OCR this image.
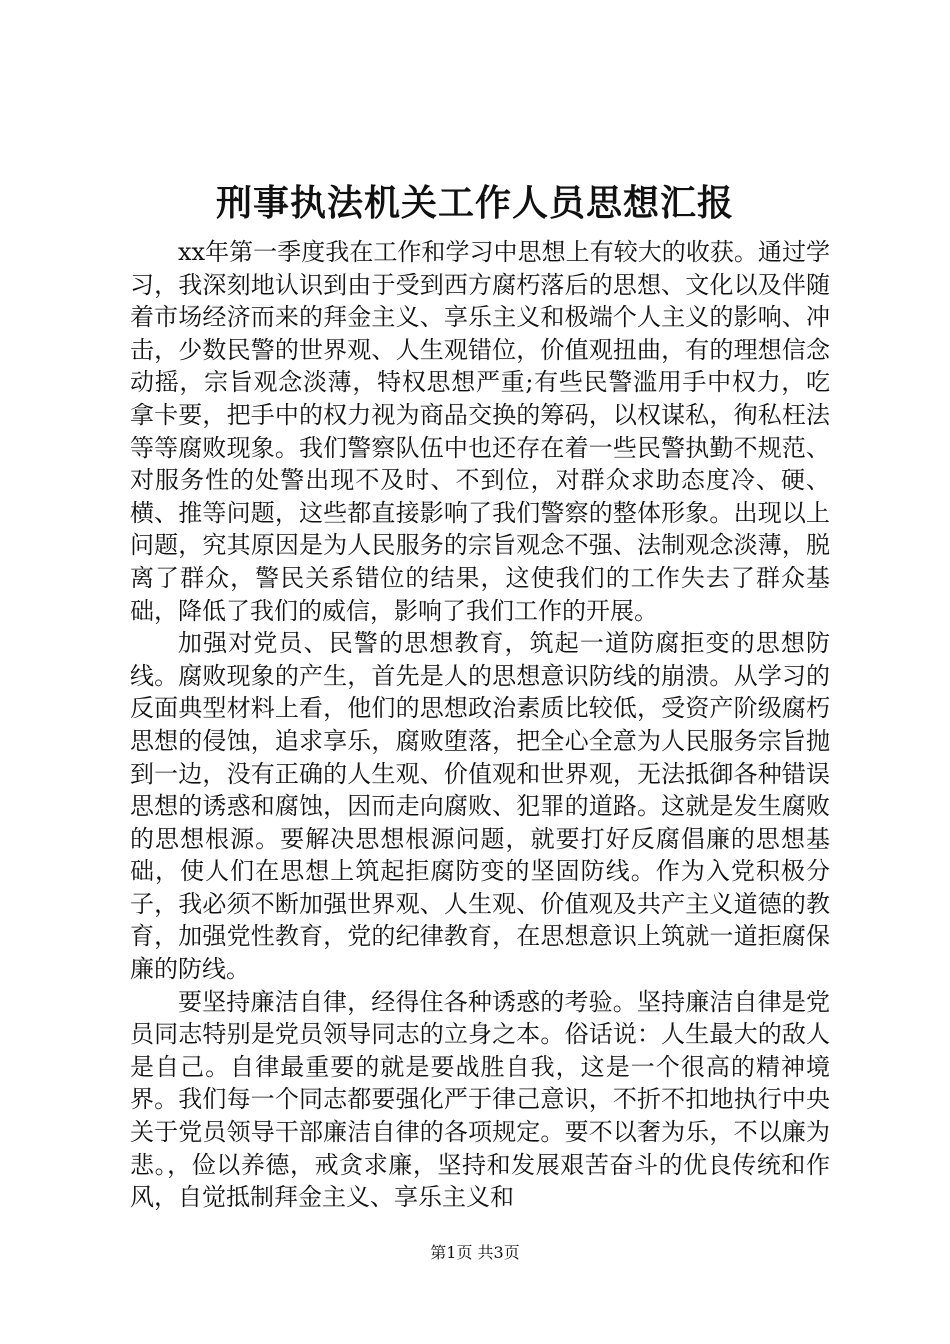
刑事执法机关工作人员思想汇报

xx年第一季度我在工作和学习中思想上有较大的收获。通过学习，我深刻地认识到由于受到西方腐朽落后的思想、文化以及伴随着市场经济而来的拜金主义、享乐主义和极端个人主义的影响、冲击，少数民警的世界观、人生观错位，价值观扭曲，有的理想信念动摇，宗旨观念淡薄，特权思想严重;有些民警滥用手中权力，吃拿卡要，把手中的权力视为商品交换的筹码，以权谋私，徇私枉法等等腐败现象。我们警察队伍中也还存在着一些民警执勤不规范、对服务性的处警出现不及时、不到位，对群众求助态度冷、硬、横、推等问题，这些都直接影响了我们警察的整体形象。出现以上问题，究其原因是为人民服务的宗旨观念不强、法制观念淡薄，脱离了群众，警民关系错位的结果，这使我们的工作失去了群众基础，降低了我们的威信，影响了我们工作的开展。

加强对党员、民警的思想教育，筑起一道防腐拒变的思想防线。腐败现象的产生，首先是人的思想意识防线的崩溃。从学习的反面典型材料上看，他们的思想政治素质比较低，受资产阶级腐朽思想的侵蚀，追求享乐，腐败堕落，把全心全意为人民服务宗旨抛到一边，没有正确的人生观、价值观和世界观，无法抵御各种错误思想的诱惑和腐蚀，因而走向腐败、犯罪的道路。这就是发生腐败的思想根源。要解决思想根源问题，就要打好反腐倡廉的思想基础，使人们在思想上筑起拒腐防变的坚固防线。作为入党积极分子，我必须不断加强世界观、人生观、价值观及共产主义道德的教育，加强党性教育，党的纪律教育，在思想意识上筑就一道拒腐保廉的防线。

要坚持廉洁自律，经得住各种诱惑的考验。坚持廉洁自律是党员同志特别是党员领导同志的立身之本。俗话说：人生最大的敌人是自己。自律最重要的就是要战胜自我，这是一个很高的精神境界。我们每一个同志都要强化严于律己意识，不折不扣地执行中央关于党员领导干部廉洁自律的各项规定。要不以奢为乐，不以廉为悲。，俭以养德，戒贪求廉，坚持和发展艰苦奋斗的优良传统和作风，自觉抵制拜金主义、享乐主义和

第1页 共3页
